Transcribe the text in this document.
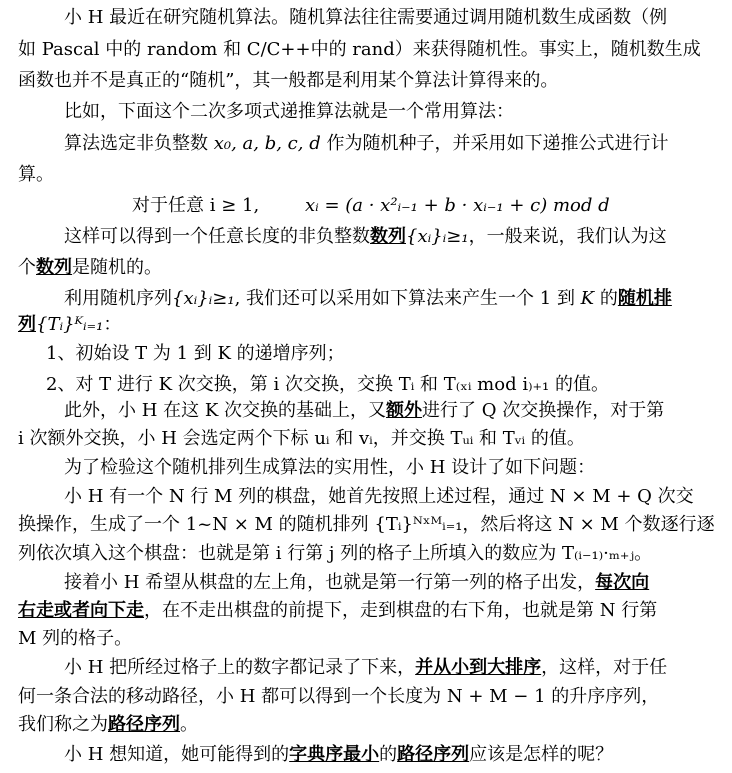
小 H 最近在研究随机算法。随机算法往往需要通过调用随机数生成函数（例
如 Pascal 中的 random 和 C/C++中的 rand）来获得随机性。事实上，随机数生成
函数也并不是真正的“随机”，其一般都是利用某个算法计算得来的。
比如，下面这个二次多项式递推算法就是一个常用算法：
算法选定非负整数 x₀, a, b, c, d 作为随机种子，并采用如下递推公式进行计
算。
对于任意 i ≥ 1,	xᵢ = (a · x²ᵢ₋₁ + b · xᵢ₋₁ + c) mod d
这样可以得到一个任意长度的非负整数数列{xᵢ}ᵢ≥₁，一般来说，我们认为这
个数列是随机的。
利用随机序列{xᵢ}ᵢ≥₁, 我们还可以采用如下算法来产生一个 1 到 K 的随机排
列{Tᵢ}ᴷᵢ₌₁：
1、初始设 T 为 1 到 K 的递增序列；
2、对 T 进行 K 次交换，第 i 次交换，交换 Tᵢ 和 T₍ₓᵢ mod i₎₊₁ 的值。
此外，小 H 在这 K 次交换的基础上，又额外进行了 Q 次交换操作，对于第
i 次额外交换，小 H 会选定两个下标 uᵢ 和 vᵢ，并交换 Tᵤᵢ 和 Tᵥᵢ 的值。
为了检验这个随机排列生成算法的实用性，小 H 设计了如下问题：
小 H 有一个 N 行 M 列的棋盘，她首先按照上述过程，通过 N × M + Q 次交
换操作，生成了一个 1~N × M 的随机排列 {Tᵢ}ᴺˣᴹᵢ₌₁，然后将这 N × M 个数逐行逐
列依次填入这个棋盘：也就是第 i 行第 j 列的格子上所填入的数应为 T₍ᵢ₋₁₎·ₘ₊ⱼ。
接着小 H 希望从棋盘的左上角，也就是第一行第一列的格子出发，每次向
右走或者向下走，在不走出棋盘的前提下，走到棋盘的右下角，也就是第 N 行第
M 列的格子。
小 H 把所经过格子上的数字都记录了下来，并从小到大排序，这样，对于任
何一条合法的移动路径，小 H 都可以得到一个长度为 N + M − 1 的升序序列，
我们称之为路径序列。
小 H 想知道，她可能得到的字典序最小的路径序列应该是怎样的呢？
